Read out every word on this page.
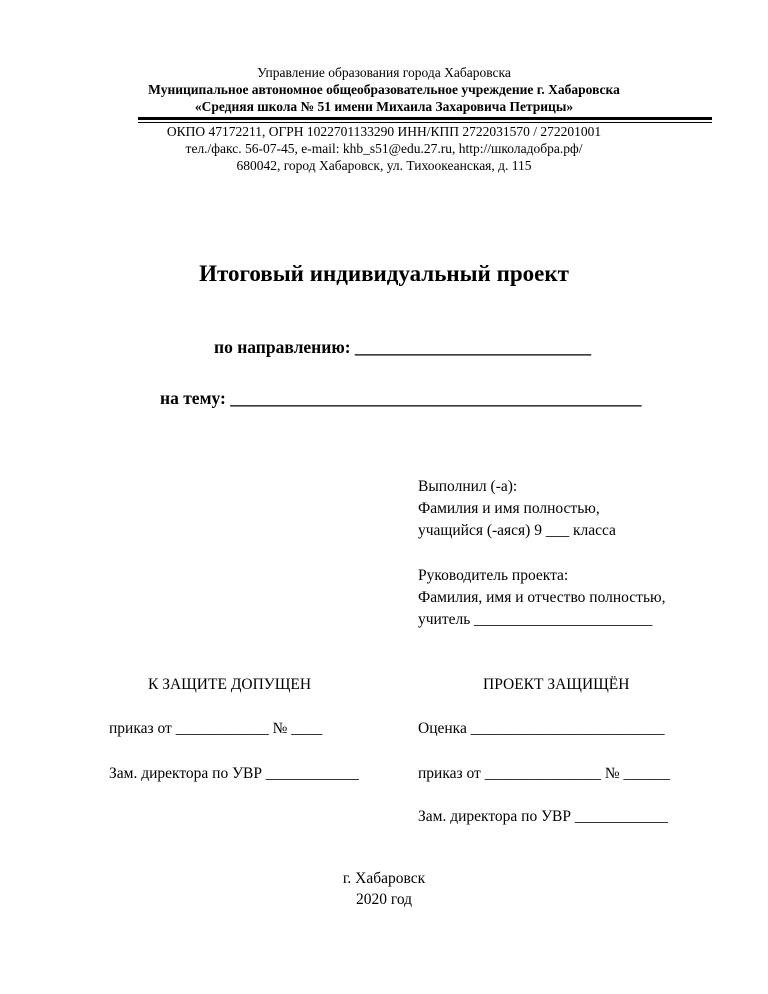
Управление образования города Хабаровска
Муниципальное автономное общеобразовательное учреждение г. Хабаровска
«Средняя школа № 51 имени Михаила Захаровича Петрицы»
ОКПО 47172211, ОГРН 1022701133290 ИНН/КПП 2722031570 / 272201001
тел./факс. 56-07-45, e-mail: khb_s51@edu.27.ru, http://школадобра.рф/
680042, город Хабаровск, ул. Тихоокеанская, д. 115
Итоговый индивидуальный проект
по направлению: ___________________________
на тему: _______________________________________________
Выполнил (-а):
Фамилия и имя полностью,
учащийся (-аяся) 9 ___ класса
Руководитель проекта:
Фамилия, имя и отчество полностью,
учитель _______________________
К ЗАЩИТЕ ДОПУЩЕН
приказ от ____________ № ____
Зам. директора по УВР ____________
ПРОЕКТ ЗАЩИЩЁН
Оценка _________________________
приказ от _______________ № ______
Зам. директора по УВР ____________
г. Хабаровск
2020 год
